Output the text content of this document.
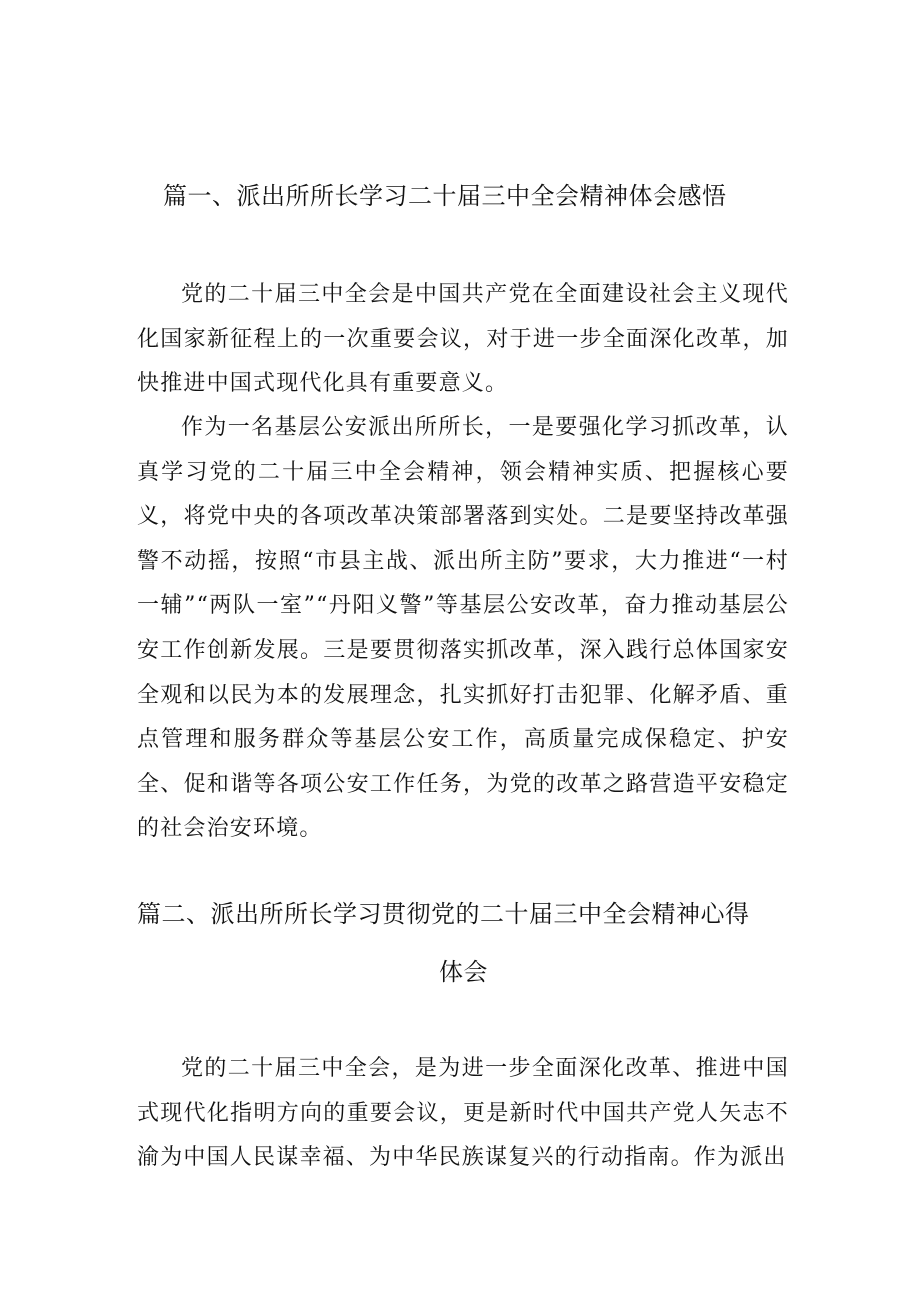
篇一、派出所所长学习二十届三中全会精神体会感悟

党的二十届三中全会是中国共产党在全面建设社会主义现代化国家新征程上的一次重要会议，对于进一步全面深化改革，加快推进中国式现代化具有重要意义。

作为一名基层公安派出所所长，一是要强化学习抓改革，认真学习党的二十届三中全会精神，领会精神实质、把握核心要义，将党中央的各项改革决策部署落到实处。二是要坚持改革强警不动摇，按照“市县主战、派出所主防”要求，大力推进“一村一辅”“两队一室”“丹阳义警”等基层公安改革，奋力推动基层公安工作创新发展。三是要贯彻落实抓改革，深入践行总体国家安全观和以民为本的发展理念，扎实抓好打击犯罪、化解矛盾、重点管理和服务群众等基层公安工作，高质量完成保稳定、护安全、促和谐等各项公安工作任务，为党的改革之路营造平安稳定的社会治安环境。

篇二、派出所所长学习贯彻党的二十届三中全会精神心得
体会

党的二十届三中全会，是为进一步全面深化改革、推进中国式现代化指明方向的重要会议，更是新时代中国共产党人矢志不渝为中国人民谋幸福、为中华民族谋复兴的行动指南。作为派出
